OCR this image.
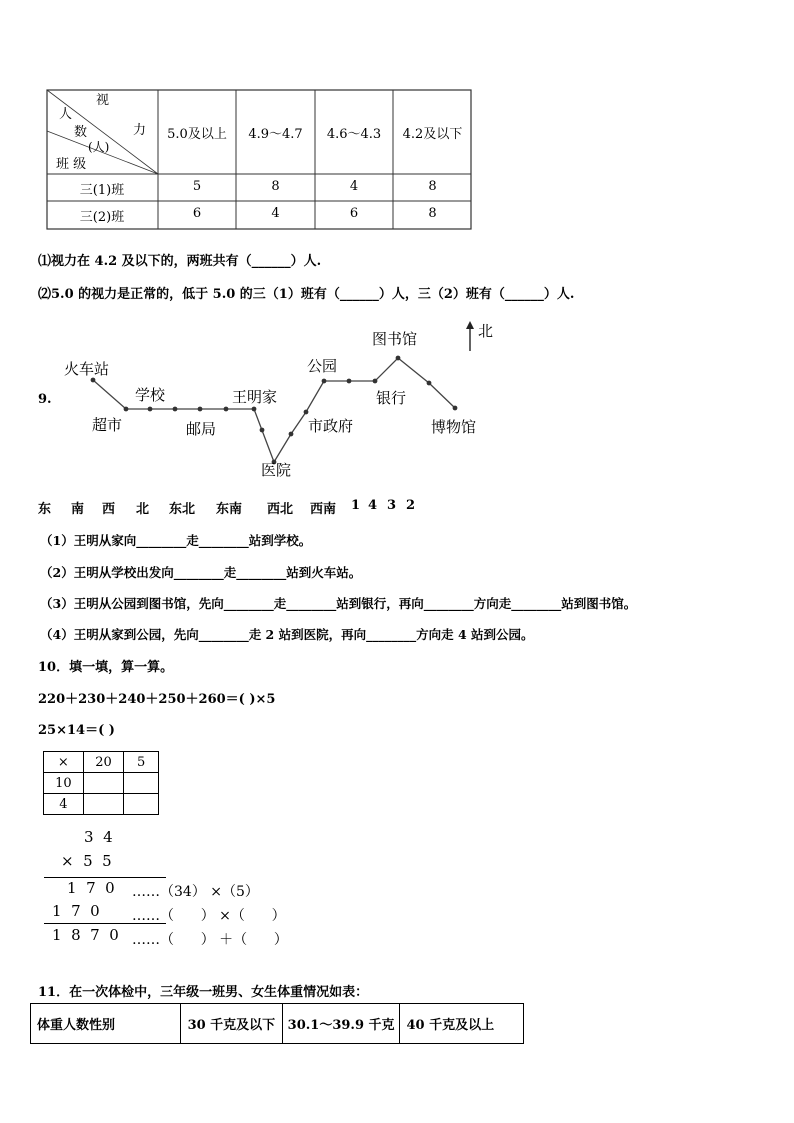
视
人
力
数
(人)
班 级
5.0及以上	4.9～4.7	4.6～4.3	4.2及以下
三(1)班	5	8	4	8
三(2)班	6	4	6	8
⑴视力在 4.2 及以下的，两班共有（______）人.
⑵5.0 的视力是正常的，低于 5.0 的三（1）班有（______）人，三（2）班有（______）人.
9.
火车站
超市
学校
邮局
王明家
医院
市政府
公园
图书馆
银行
博物馆
北
东 南 西 北 东北 东南 西北 西南 1 4 3 2
（1）王明从家向________走________站到学校。
（2）王明从学校出发向________走________站到火车站。
（3）王明从公园到图书馆，先向________走________站到银行，再向________方向走________站到图书馆。
（4）王明从家到公园，先向________走 2 站到医院，再向________方向走 4 站到公园。
10．填一填，算一算。
220＋230＋240＋250＋260＝( )×5
25×14＝( )
×	20	5
10		
4		
3  4
×  5  5
1  7  0 ……（34） ×（5）
1  7  0 ……（      ） ×（      ）
1  8  7  0 ……（      ） ＋（      ）
11．在一次体检中，三年级一班男、女生体重情况如表：
体重人数性别	30 千克及以下	30.1～39.9 千克	40 千克及以上
